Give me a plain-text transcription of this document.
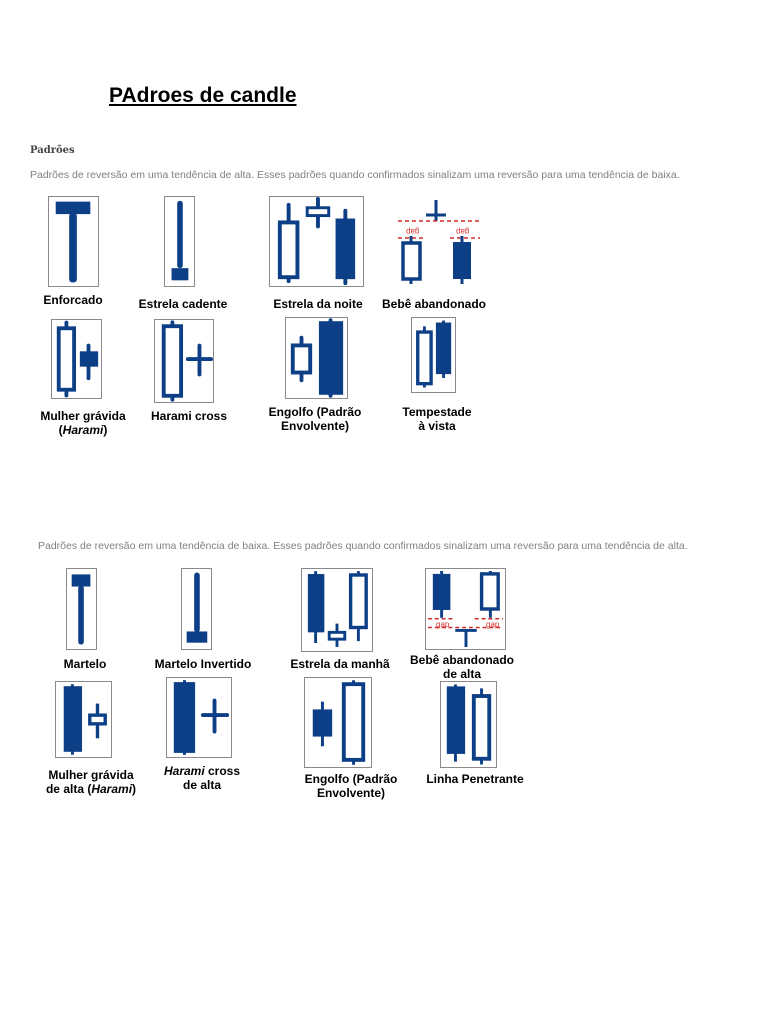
PAdroes de candle
Padrões
Padrões de reversão em uma tendência de alta. Esses padrões quando confirmados sinalizam uma reversão para uma tendência de baixa.
Enforcado	Estrela cadente	Estrela da noite
gap	gap
Bebê abandonado
Mulher grávida
(Harami)
Harami cross	Engolfo (Padrão
Envolvente)
Tempestade
à vista
Padrões de reversão em uma tendência de baixa. Esses padrões quando confirmados sinalizam uma reversão para uma tendência de alta.
Martelo	Martelo Invertido	Estrela da manhã
gap	gap
Bebê abandonado
de alta
Mulher grávida
de alta (Harami)
Harami cross
de alta	Engolfo (Padrão
Envolvente)
Linha Penetrante
